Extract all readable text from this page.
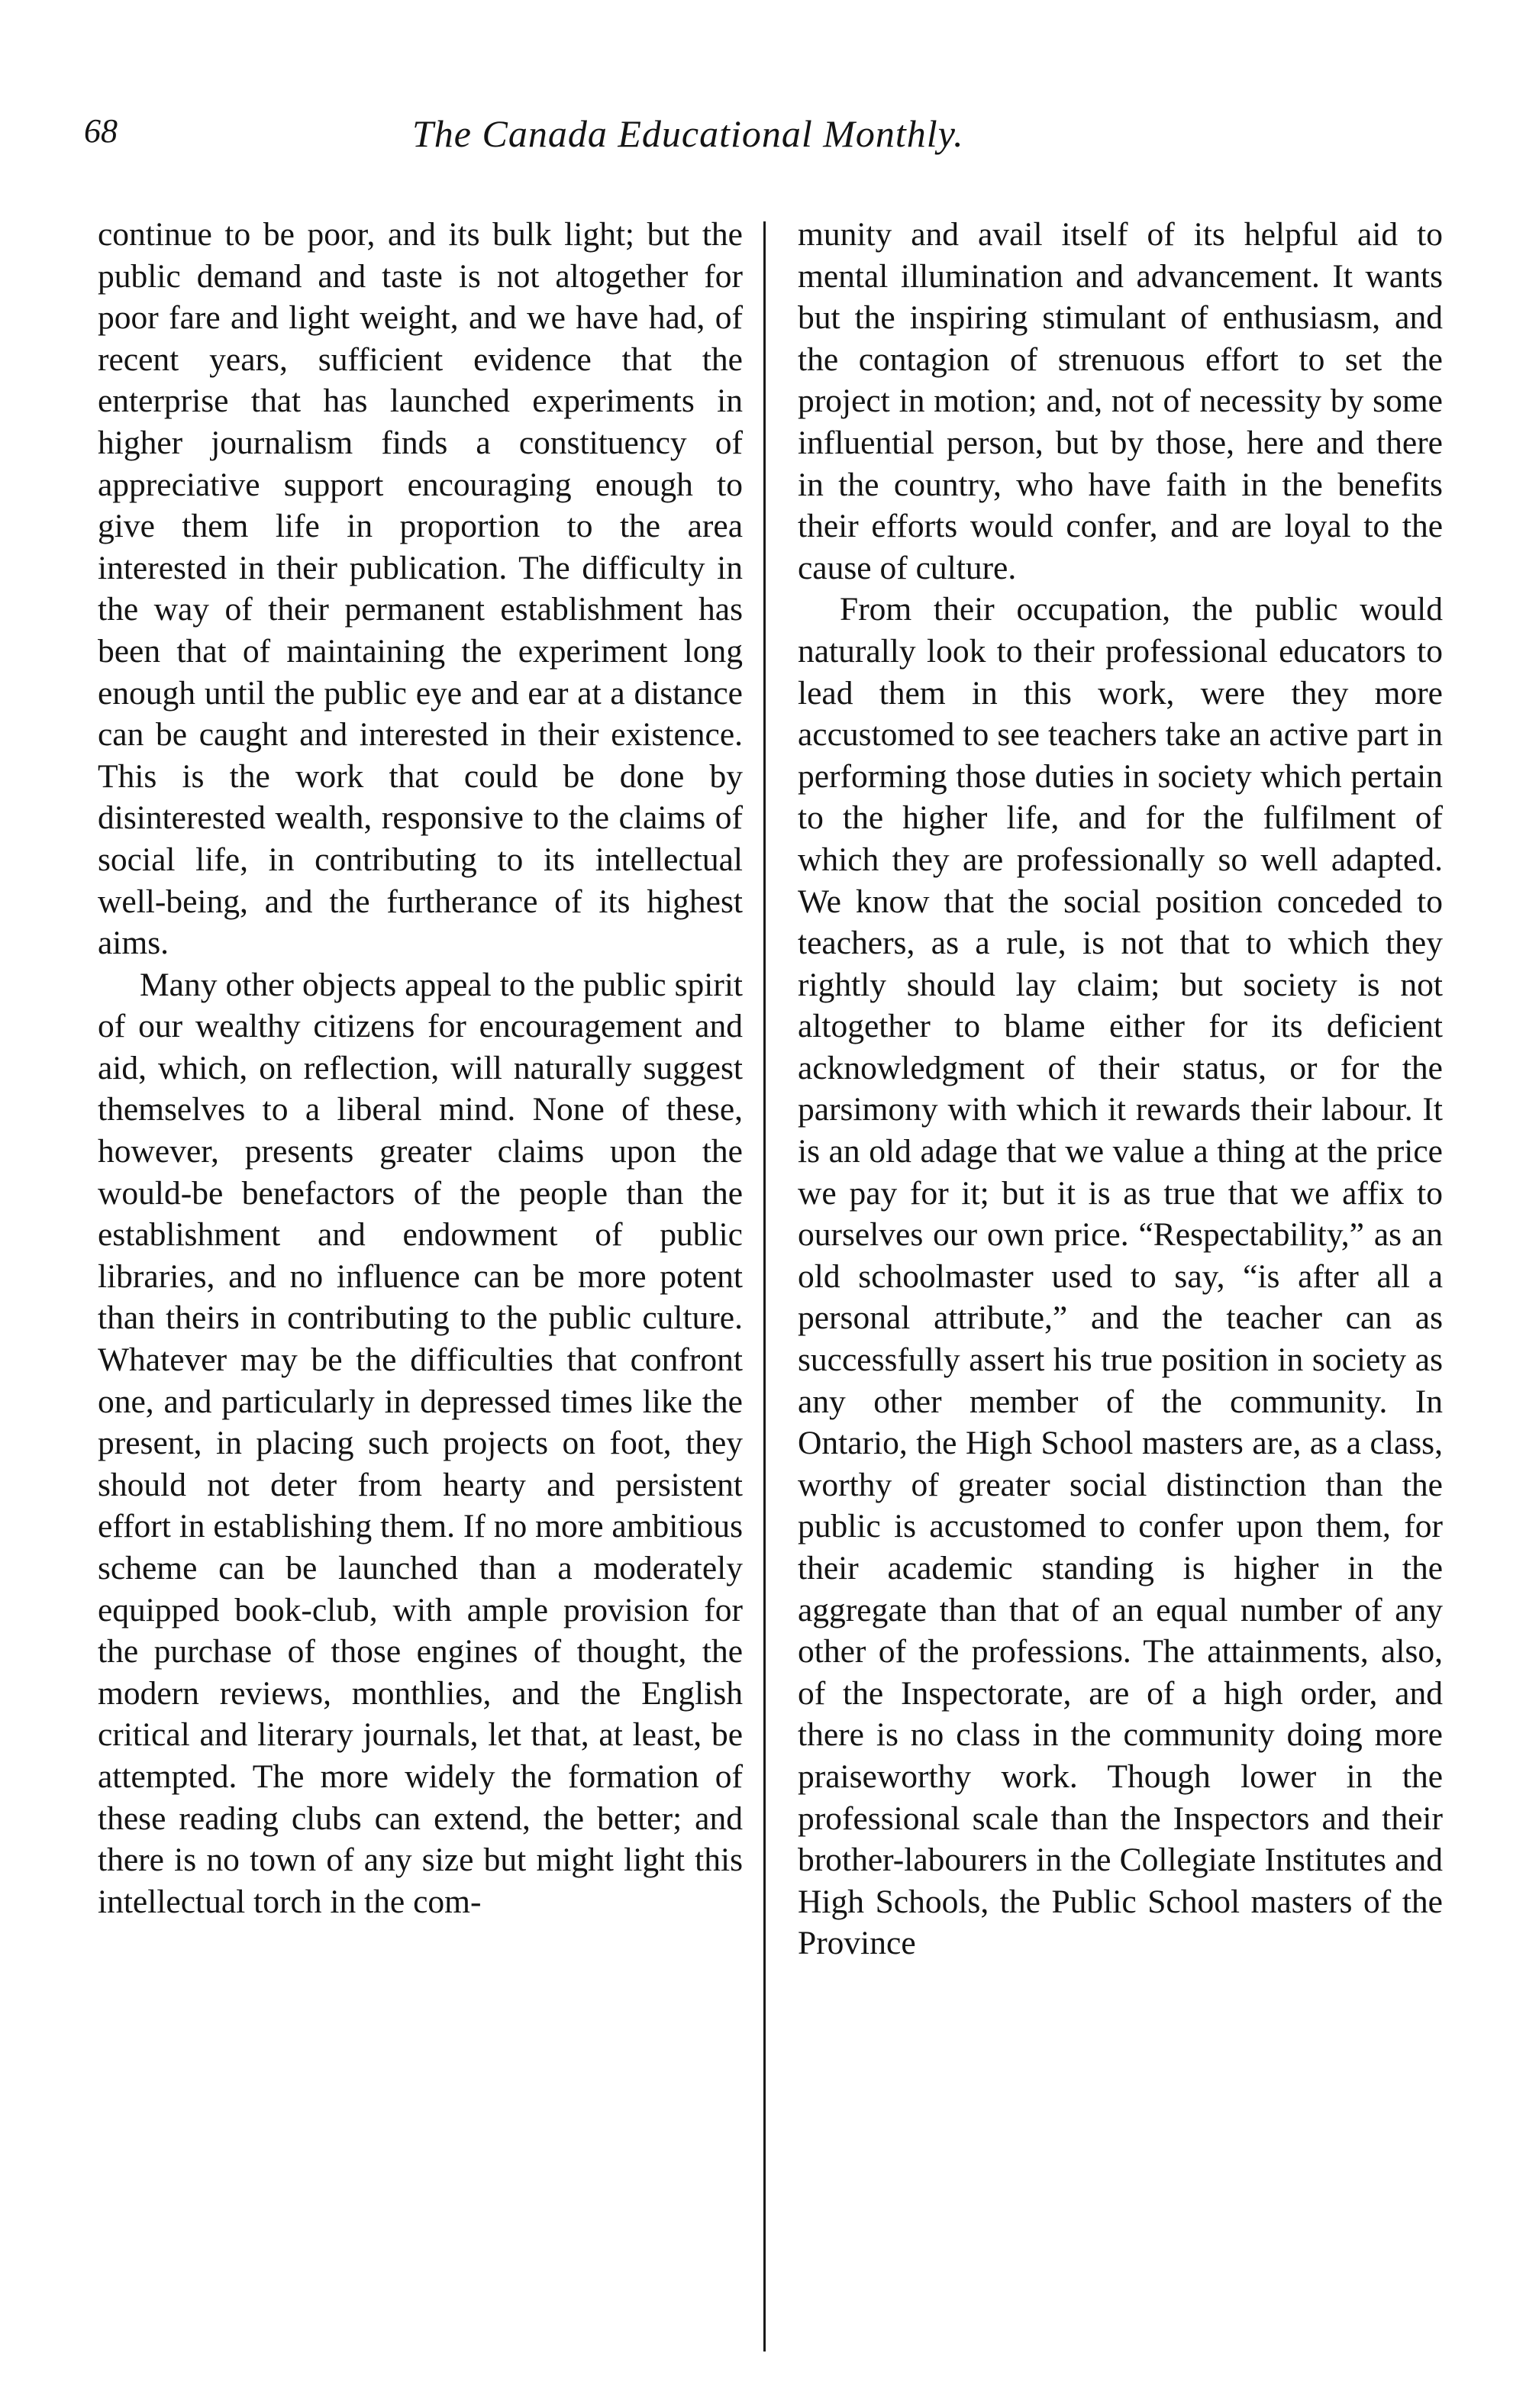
68	The Canada Educational Monthly.

continue to be poor, and its bulk light; but the public demand and taste is not altogether for poor fare and light weight, and we have had, of recent years, sufficient evidence that the enterprise that has launched experiments in higher journalism finds a constituency of appreciative support encouraging enough to give them life in proportion to the area interested in their publication. The difficulty in the way of their permanent establishment has been that of maintaining the experiment long enough until the public eye and ear at a distance can be caught and interested in their existence. This is the work that could be done by disinterested wealth, responsive to the claims of social life, in contributing to its intellectual well-being, and the furtherance of its highest aims.

Many other objects appeal to the public spirit of our wealthy citizens for encouragement and aid, which, on reflection, will naturally suggest themselves to a liberal mind. None of these, however, presents greater claims upon the would-be benefactors of the people than the establishment and endowment of public libraries, and no influence can be more potent than theirs in contributing to the public culture. Whatever may be the difficulties that confront one, and particularly in depressed times like the present, in placing such projects on foot, they should not deter from hearty and persistent effort in establishing them. If no more ambitious scheme can be launched than a moderately equipped book-club, with ample provision for the purchase of those engines of thought, the modern reviews, monthlies, and the English critical and literary journals, let that, at least, be attempted. The more widely the formation of these reading clubs can extend, the better; and there is no town of any size but might light this intellectual torch in the com-

munity and avail itself of its helpful aid to mental illumination and advancement. It wants but the inspiring stimulant of enthusiasm, and the contagion of strenuous effort to set the project in motion; and, not of necessity by some influential person, but by those, here and there in the country, who have faith in the benefits their efforts would confer, and are loyal to the cause of culture.

From their occupation, the public would naturally look to their professional educators to lead them in this work, were they more accustomed to see teachers take an active part in performing those duties in society which pertain to the higher life, and for the fulfilment of which they are professionally so well adapted. We know that the social position conceded to teachers, as a rule, is not that to which they rightly should lay claim; but society is not altogether to blame either for its deficient acknowledgment of their status, or for the parsimony with which it rewards their labour. It is an old adage that we value a thing at the price we pay for it; but it is as true that we affix to ourselves our own price. “Respectability,” as an old schoolmaster used to say, “is after all a personal attribute,” and the teacher can as successfully assert his true position in society as any other member of the community. In Ontario, the High School masters are, as a class, worthy of greater social distinction than the public is accustomed to confer upon them, for their academic standing is higher in the aggregate than that of an equal number of any other of the professions. The attainments, also, of the Inspectorate, are of a high order, and there is no class in the community doing more praiseworthy work. Though lower in the professional scale than the Inspectors and their brother-labourers in the Collegiate Institutes and High Schools, the Public School masters of the Province
